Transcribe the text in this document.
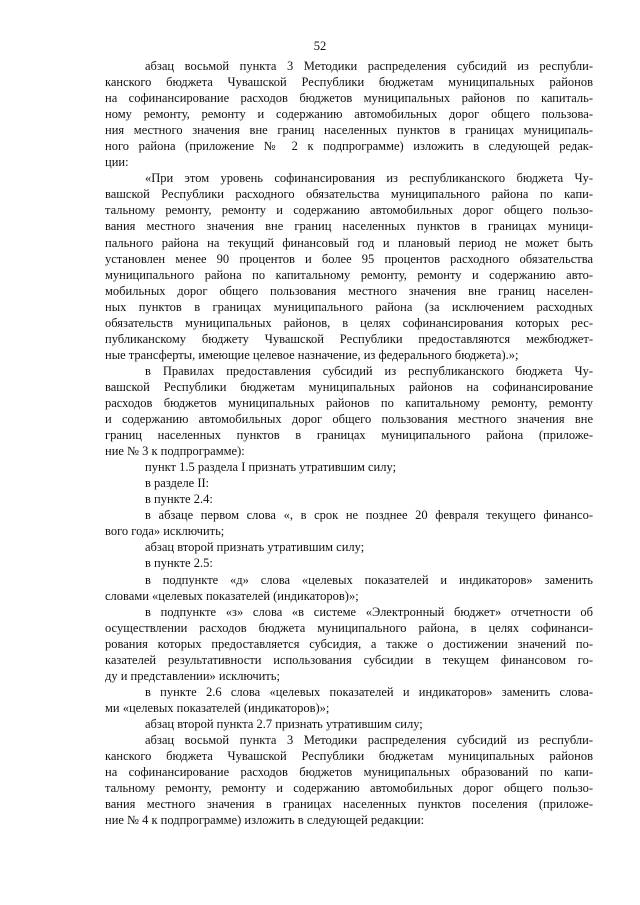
52
абзац восьмой пункта 3 Методики распределения субсидий из республи-
канского бюджета Чувашской Республики бюджетам муниципальных районов
на софинансирование расходов бюджетов муниципальных районов по капиталь-
ному ремонту, ремонту и содержанию автомобильных дорог общего пользова-
ния местного значения вне границ населенных пунктов в границах муниципаль-
ного района (приложение № 2 к подпрограмме) изложить в следующей редак-
ции:
«При этом уровень софинансирования из республиканского бюджета Чу-
вашской Республики расходного обязательства муниципального района по капи-
тальному ремонту, ремонту и содержанию автомобильных дорог общего пользо-
вания местного значения вне границ населенных пунктов в границах муници-
пального района на текущий финансовый год и плановый период не может быть
установлен менее 90 процентов и более 95 процентов расходного обязательства
муниципального района по капитальному ремонту, ремонту и содержанию авто-
мобильных дорог общего пользования местного значения вне границ населен-
ных пунктов в границах муниципального района (за исключением расходных
обязательств муниципальных районов, в целях софинансирования которых рес-
публиканскому бюджету Чувашской Республики предоставляются межбюджет-
ные трансферты, имеющие целевое назначение, из федерального бюджета).»;
в Правилах предоставления субсидий из республиканского бюджета Чу-
вашской Республики бюджетам муниципальных районов на софинансирование
расходов бюджетов муниципальных районов по капитальному ремонту, ремонту
и содержанию автомобильных дорог общего пользования местного значения вне
границ населенных пунктов в границах муниципального района (приложе-
ние № 3 к подпрограмме):
пункт 1.5 раздела I признать утратившим силу;
в разделе II:
в пункте 2.4:
в абзаце первом слова «, в срок не позднее 20 февраля текущего финансо-
вого года» исключить;
абзац второй признать утратившим силу;
в пункте 2.5:
в подпункте «д» слова «целевых показателей и индикаторов» заменить
словами «целевых показателей (индикаторов)»;
в подпункте «з» слова «в системе «Электронный бюджет» отчетности об
осуществлении расходов бюджета муниципального района, в целях софинанси-
рования которых предоставляется субсидия, а также о достижении значений по-
казателей результативности использования субсидии в текущем финансовом го-
ду и представлении» исключить;
в пункте 2.6 слова «целевых показателей и индикаторов» заменить слова-
ми «целевых показателей (индикаторов)»;
абзац второй пункта 2.7 признать утратившим силу;
абзац восьмой пункта 3 Методики распределения субсидий из республи-
канского бюджета Чувашской Республики бюджетам муниципальных районов
на софинансирование расходов бюджетов муниципальных образований по капи-
тальному ремонту, ремонту и содержанию автомобильных дорог общего пользо-
вания местного значения в границах населенных пунктов поселения (приложе-
ние № 4 к подпрограмме) изложить в следующей редакции:
